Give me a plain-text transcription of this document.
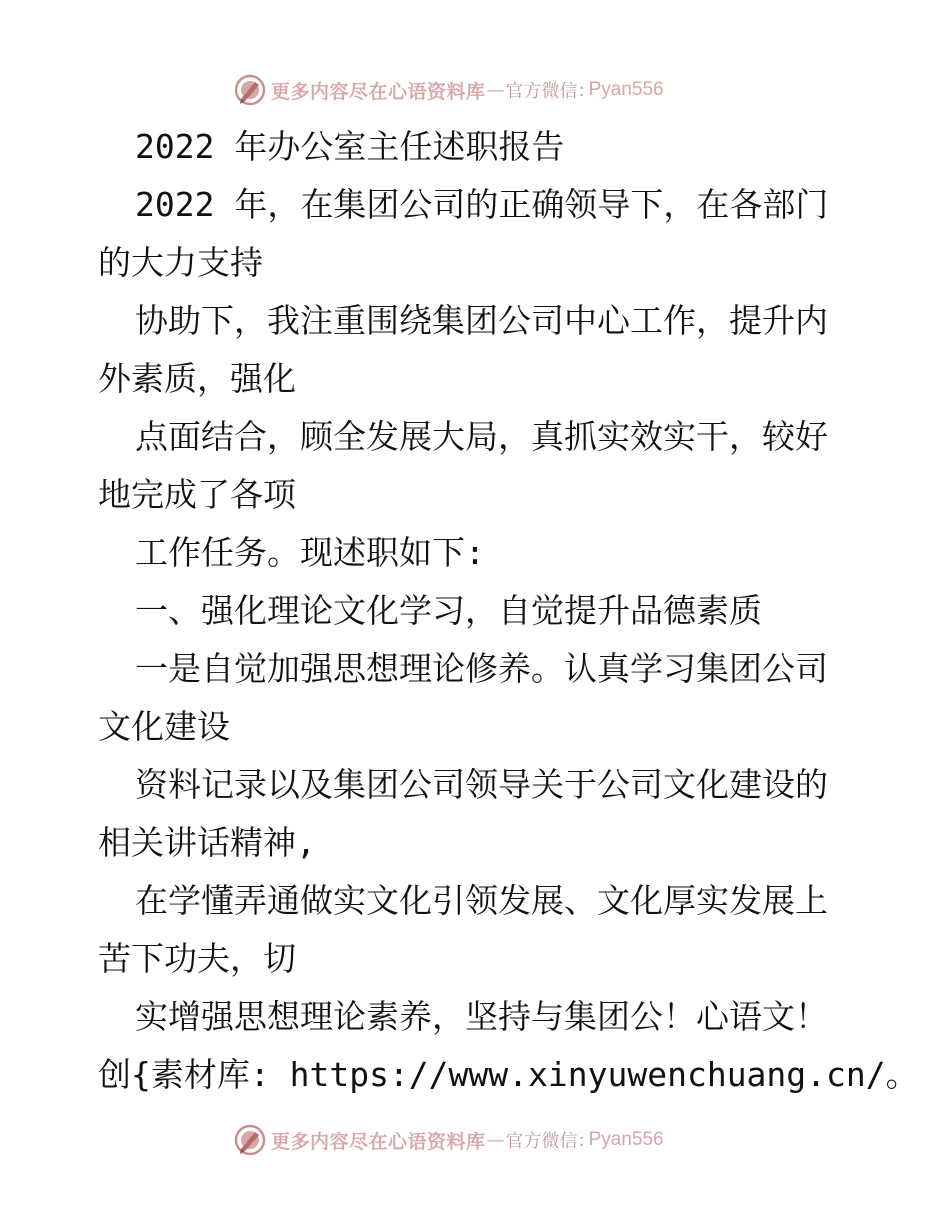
更多内容尽在心语资料库 — 官方微信 : Pyan556
2022 年办公室主任述职报告
2022 年，在集团公司的正确领导下，在各部门
的大力支持
协助下，我注重围绕集团公司中心工作，提升内
外素质，强化
点面结合，顾全发展大局，真抓实效实干，较好
地完成了各项
工作任务。现述职如下:
一、强化理论文化学习，自觉提升品德素质
一是自觉加强思想理论修养。认真学习集团公司
文化建设
资料记录以及集团公司领导关于公司文化建设的
相关讲话精神,
在学懂弄通做实文化引领发展、文化厚实发展上
苦下功夫，切
实增强思想理论素养，坚持与集团公！心语文！
创{素材库: https://www.xinyuwenchuang.cn/。
更多内容尽在心语资料库 — 官方微信 : Pyan556
